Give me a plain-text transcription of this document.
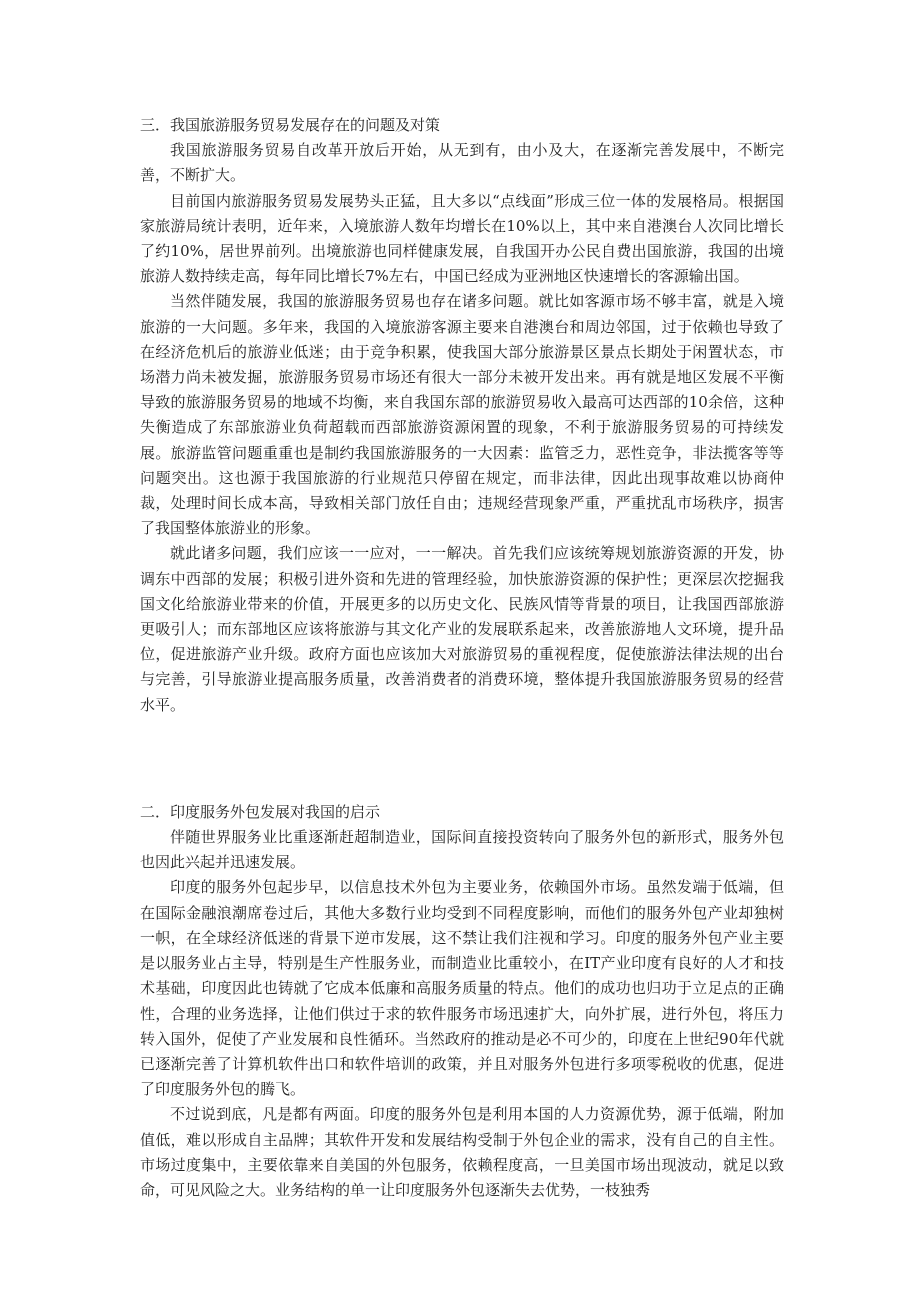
三．我国旅游服务贸易发展存在的问题及对策

我国旅游服务贸易自改革开放后开始，从无到有，由小及大，在逐渐完善发展中，不断完善，不断扩大。

目前国内旅游服务贸易发展势头正猛，且大多以“点线面”形成三位一体的发展格局。根据国家旅游局统计表明，近年来，入境旅游人数年均增长在10%以上，其中来自港澳台人次同比增长了约10%，居世界前列。出境旅游也同样健康发展，自我国开办公民自费出国旅游，我国的出境旅游人数持续走高，每年同比增长7%左右，中国已经成为亚洲地区快速增长的客源输出国。

当然伴随发展，我国的旅游服务贸易也存在诸多问题。就比如客源市场不够丰富，就是入境旅游的一大问题。多年来，我国的入境旅游客源主要来自港澳台和周边邻国，过于依赖也导致了在经济危机后的旅游业低迷；由于竞争积累，使我国大部分旅游景区景点长期处于闲置状态，市场潜力尚未被发掘，旅游服务贸易市场还有很大一部分未被开发出来。再有就是地区发展不平衡导致的旅游服务贸易的地域不均衡，来自我国东部的旅游贸易收入最高可达西部的10余倍，这种失衡造成了东部旅游业负荷超载而西部旅游资源闲置的现象，不利于旅游服务贸易的可持续发展。旅游监管问题重重也是制约我国旅游服务的一大因素：监管乏力，恶性竞争，非法揽客等等问题突出。这也源于我国旅游的行业规范只停留在规定，而非法律，因此出现事故难以协商仲裁，处理时间长成本高，导致相关部门放任自由；违规经营现象严重，严重扰乱市场秩序，损害了我国整体旅游业的形象。

就此诸多问题，我们应该一一应对，一一解决。首先我们应该统筹规划旅游资源的开发，协调东中西部的发展；积极引进外资和先进的管理经验，加快旅游资源的保护性；更深层次挖掘我国文化给旅游业带来的价值，开展更多的以历史文化、民族风情等背景的项目，让我国西部旅游更吸引人；而东部地区应该将旅游与其文化产业的发展联系起来，改善旅游地人文环境，提升品位，促进旅游产业升级。政府方面也应该加大对旅游贸易的重视程度，促使旅游法律法规的出台与完善，引导旅游业提高服务质量，改善消费者的消费环境，整体提升我国旅游服务贸易的经营水平。

二．印度服务外包发展对我国的启示

伴随世界服务业比重逐渐赶超制造业，国际间直接投资转向了服务外包的新形式，服务外包也因此兴起并迅速发展。

印度的服务外包起步早，以信息技术外包为主要业务，依赖国外市场。虽然发端于低端，但在国际金融浪潮席卷过后，其他大多数行业均受到不同程度影响，而他们的服务外包产业却独树一帜，在全球经济低迷的背景下逆市发展，这不禁让我们注视和学习。印度的服务外包产业主要是以服务业占主导，特别是生产性服务业，而制造业比重较小，在IT产业印度有良好的人才和技术基础，印度因此也铸就了它成本低廉和高服务质量的特点。他们的成功也归功于立足点的正确性，合理的业务选择，让他们供过于求的软件服务市场迅速扩大，向外扩展，进行外包，将压力转入国外，促使了产业发展和良性循环。当然政府的推动是必不可少的，印度在上世纪90年代就已逐渐完善了计算机软件出口和软件培训的政策，并且对服务外包进行多项零税收的优惠，促进了印度服务外包的腾飞。

不过说到底，凡是都有两面。印度的服务外包是利用本国的人力资源优势，源于低端，附加值低，难以形成自主品牌；其软件开发和发展结构受制于外包企业的需求，没有自己的自主性。市场过度集中，主要依靠来自美国的外包服务，依赖程度高，一旦美国市场出现波动，就足以致命，可见风险之大。业务结构的单一让印度服务外包逐渐失去优势，一枝独秀
